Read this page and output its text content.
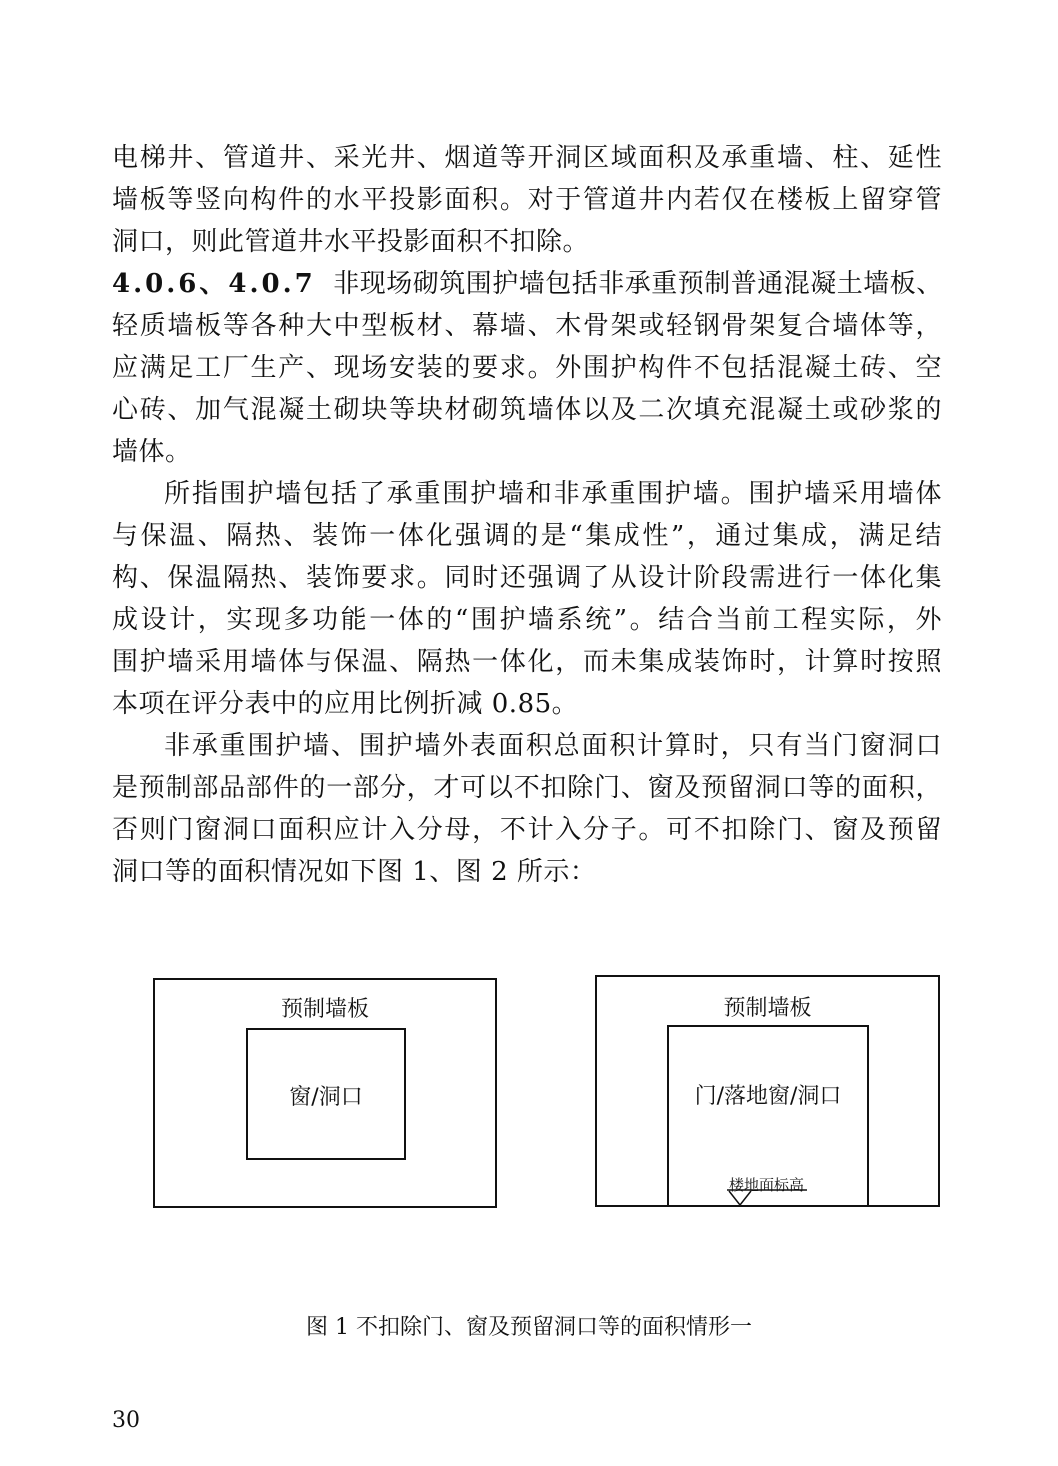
电梯井、管道井、采光井、烟道等开洞区域面积及承重墙、柱、延性
墙板等竖向构件的水平投影面积。对于管道井内若仅在楼板上留穿管
洞口，则此管道井水平投影面积不扣除。
4.0.6、4.0.7 非现场砌筑围护墙包括非承重预制普通混凝土墙板、
轻质墙板等各种大中型板材、幕墙、木骨架或轻钢骨架复合墙体等，
应满足工厂生产、现场安装的要求。外围护构件不包括混凝土砖、空
心砖、加气混凝土砌块等块材砌筑墙体以及二次填充混凝土或砂浆的
墙体。
所指围护墙包括了承重围护墙和非承重围护墙。围护墙采用墙体
与保温、隔热、装饰一体化强调的是“集成性”，通过集成，满足结
构、保温隔热、装饰要求。同时还强调了从设计阶段需进行一体化集
成设计，实现多功能一体的“围护墙系统”。结合当前工程实际，外
围护墙采用墙体与保温、隔热一体化，而未集成装饰时，计算时按照
本项在评分表中的应用比例折减 0.85。
非承重围护墙、围护墙外表面积总面积计算时，只有当门窗洞口
是预制部品部件的一部分，才可以不扣除门、窗及预留洞口等的面积，
否则门窗洞口面积应计入分母，不计入分子。可不扣除门、窗及预留
洞口等的面积情况如下图 1、图 2 所示：
预制墙板
窗/洞口
预制墙板
门/落地窗/洞口
楼地面标高
图 1 不扣除门、窗及预留洞口等的面积情形一
30
